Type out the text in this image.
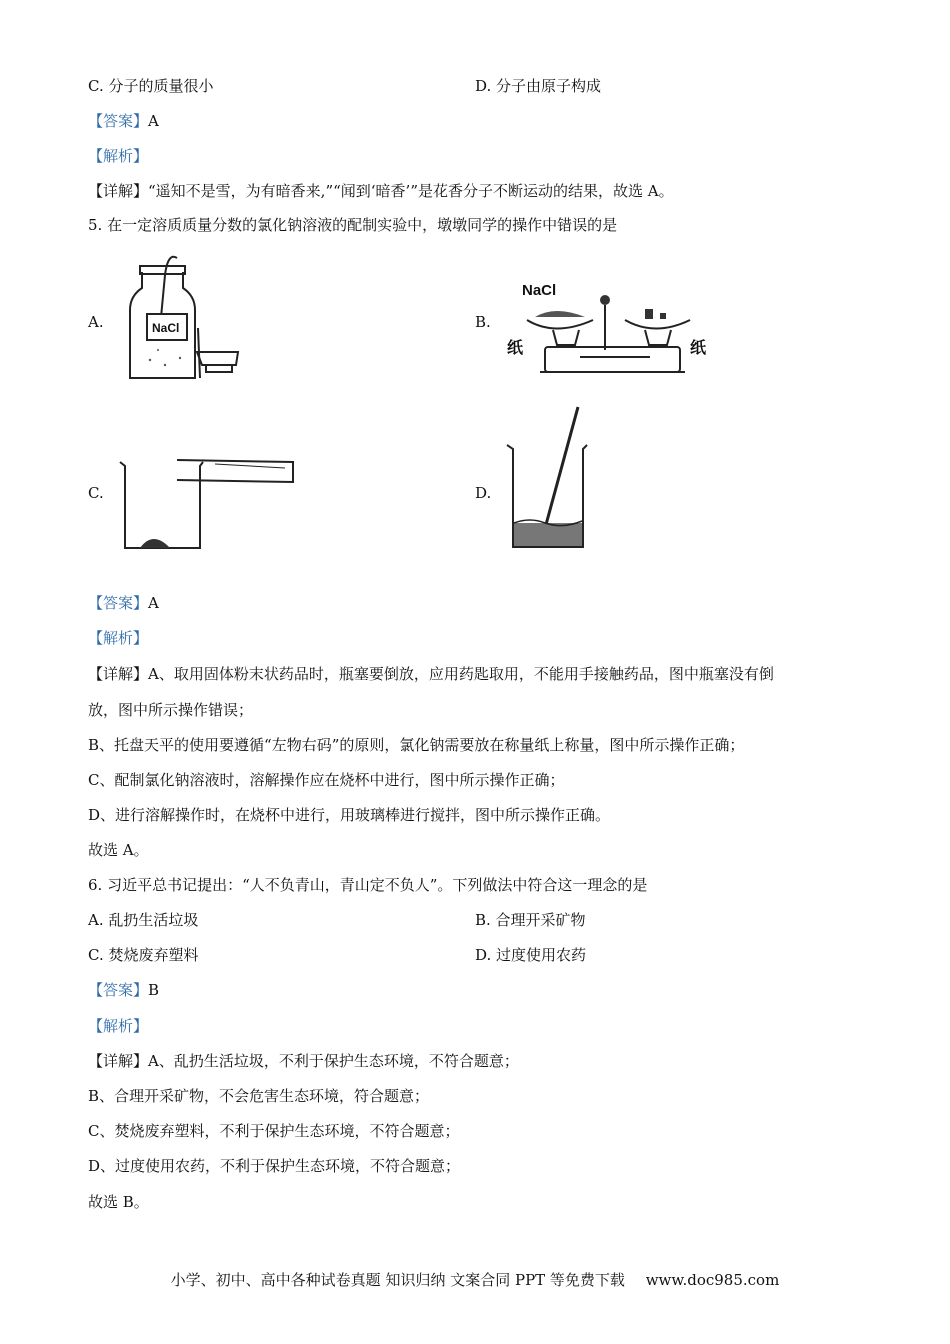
C. 分子的质量很小	D. 分子由原子构成
【答案】A
【解析】
【详解】“遥知不是雪，为有暗香来,”“闻到‘暗香’”是花香分子不断运动的结果，故选 A。
5. 在一定溶质质量分数的氯化钠溶液的配制实验中，墩墩同学的操作中错误的是
A.	NaCl	B.
NaCl
纸	纸
C.	D.
【答案】A
【解析】
【详解】A、取用固体粉末状药品时，瓶塞要倒放，应用药匙取用，不能用手接触药品，图中瓶塞没有倒
放，图中所示操作错误；
B、托盘天平的使用要遵循“左物右码”的原则，氯化钠需要放在称量纸上称量，图中所示操作正确；
C、配制氯化钠溶液时，溶解操作应在烧杯中进行，图中所示操作正确；
D、进行溶解操作时，在烧杯中进行，用玻璃棒进行搅拌，图中所示操作正确。
故选 A。
6. 习近平总书记提出：“人不负青山，青山定不负人”。下列做法中符合这一理念的是
A. 乱扔生活垃圾	B. 合理开采矿物
C. 焚烧废弃塑料	D. 过度使用农药
【答案】B
【解析】
【详解】A、乱扔生活垃圾，不利于保护生态环境，不符合题意；
B、合理开采矿物，不会危害生态环境，符合题意；
C、焚烧废弃塑料，不利于保护生态环境，不符合题意；
D、过度使用农药，不利于保护生态环境，不符合题意；
故选 B。
小学、初中、高中各种试卷真题 知识归纳 文案合同 PPT 等免费下载 www.doc985.com
